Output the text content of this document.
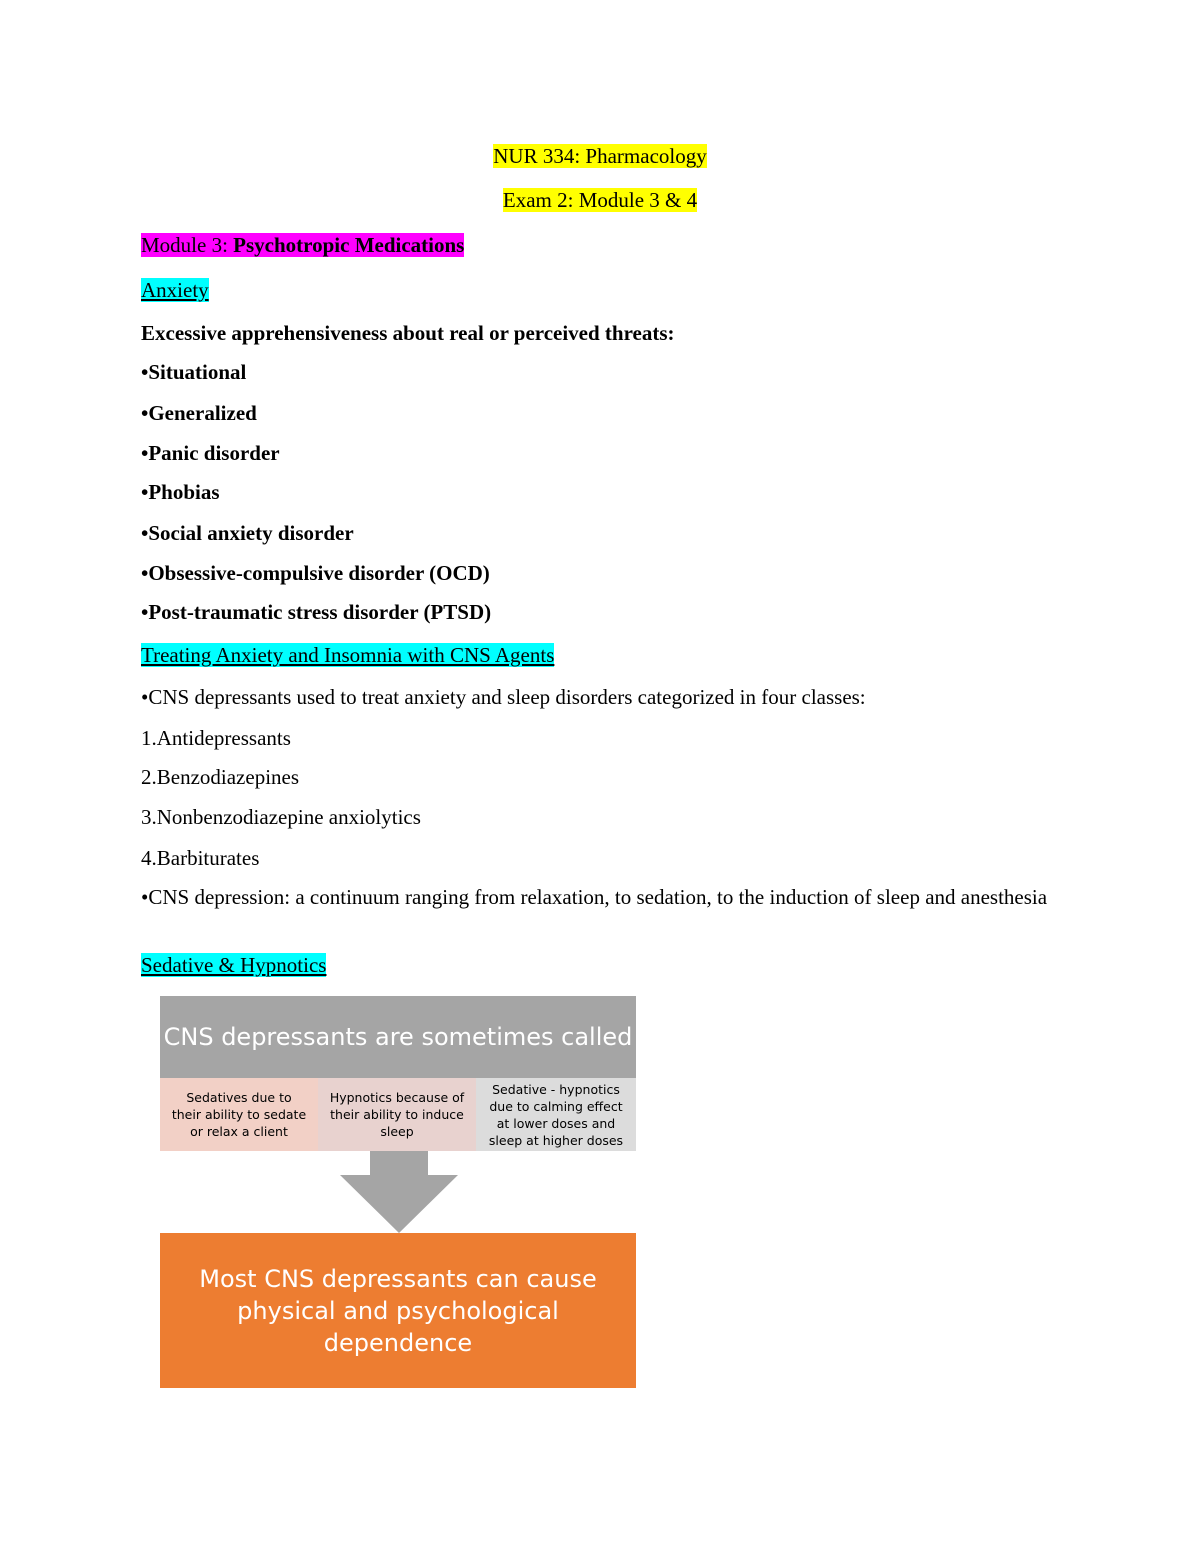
NUR 334: Pharmacology
Exam 2: Module 3 & 4
Module 3: Psychotropic Medications
Anxiety
Excessive apprehensiveness about real or perceived threats:
•Situational
•Generalized
•Panic disorder
•Phobias
•Social anxiety disorder
•Obsessive-compulsive disorder (OCD)
•Post-traumatic stress disorder (PTSD)
Treating Anxiety and Insomnia with CNS Agents
•CNS depressants used to treat anxiety and sleep disorders categorized in four classes:
1.Antidepressants
2.Benzodiazepines
3.Nonbenzodiazepine anxiolytics
4.Barbiturates
•CNS depression: a continuum ranging from relaxation, to sedation, to the induction of sleep and anesthesia
Sedative & Hypnotics
CNS depressants are sometimes called
Sedatives due to their ability to sedate or relax a client
Hypnotics because of their ability to induce sleep
Sedative - hypnotics due to calming effect at lower doses and sleep at higher doses
Most CNS depressants can cause physical and psychological dependence
